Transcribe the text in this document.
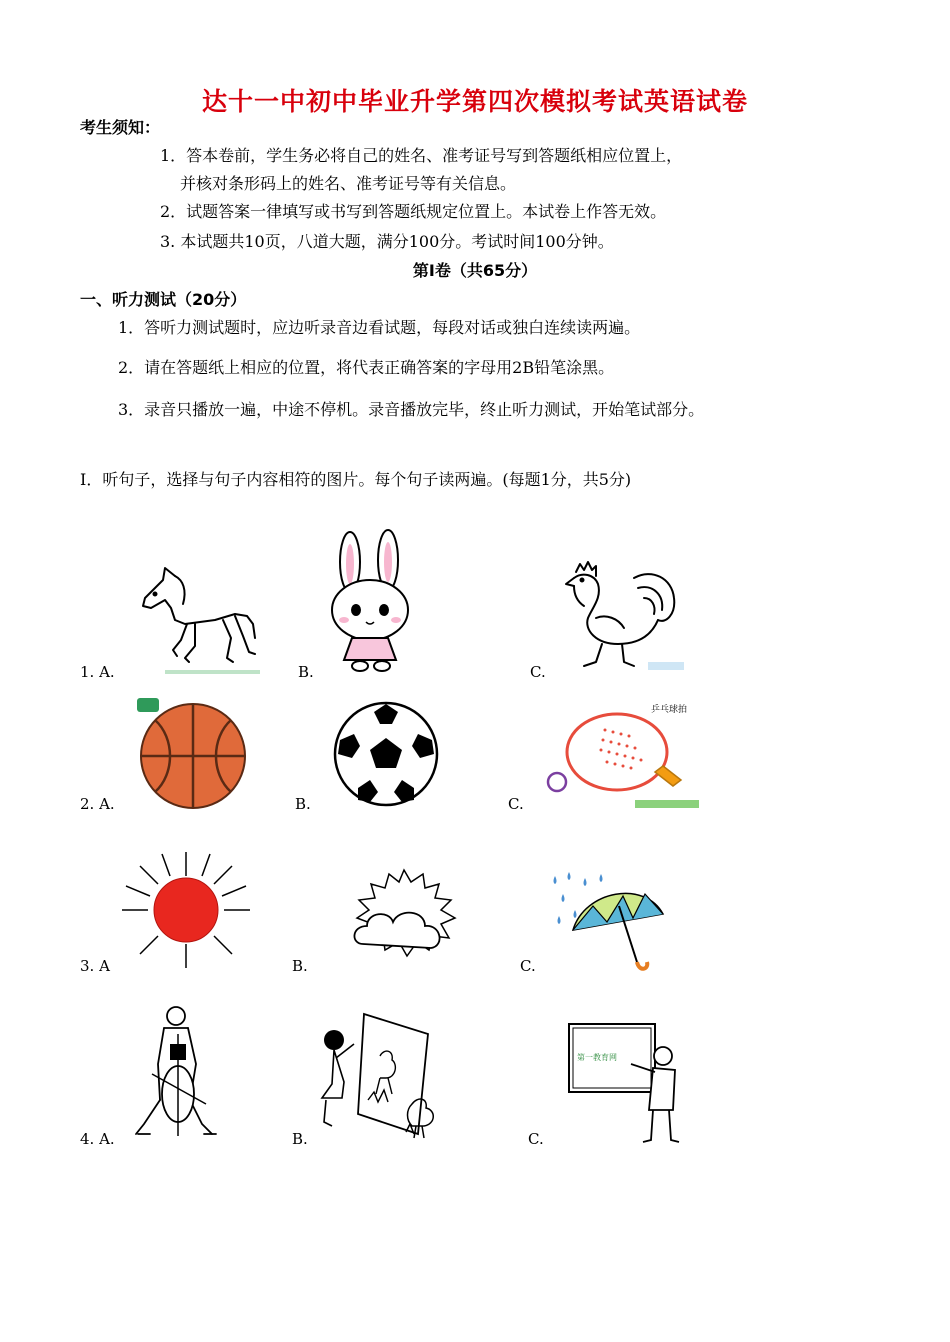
达十一中初中毕业升学第四次模拟考试英语试卷
考生须知：
1．答本卷前，学生务必将自己的姓名、准考证号写到答题纸相应位置上，
并核对条形码上的姓名、准考证号等有关信息。
2．试题答案一律填写或书写到答题纸规定位置上。本试卷上作答无效。
3. 本试题共10页，八道大题，满分100分。考试时间100分钟。
第Ⅰ卷（共65分）
一、听力测试（20分）
1．答听力测试题时，应边听录音边看试题，每段对话或独白连续读两遍。
2．请在答题纸上相应的位置，将代表正确答案的字母用2B铅笔涂黑。
3．录音只播放一遍，中途不停机。录音播放完毕，终止听力测试，开始笔试部分。
I．听句子，选择与句子内容相符的图片。每个句子读两遍。(每题1分，共5分)
1. A.	B.	C.
2. A.	B.	C.
3. A	B.	C.
4. A.	B.	C.
乒乓球拍
第一教育网
